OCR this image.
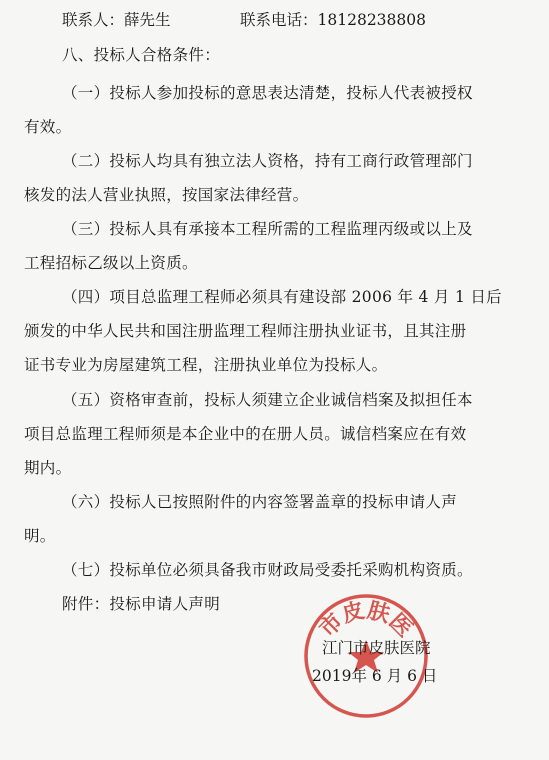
联系人：薛先生	联系电话：18128238808
八、投标人合格条件：
（一）投标人参加投标的意思表达清楚，投标人代表被授权
有效。
（二）投标人均具有独立法人资格，持有工商行政管理部门
核发的法人营业执照，按国家法律经营。
（三）投标人具有承接本工程所需的工程监理丙级或以上及
工程招标乙级以上资质。
（四）项目总监理工程师必须具有建设部 2006 年 4 月 1 日后
颁发的中华人民共和国注册监理工程师注册执业证书，且其注册
证书专业为房屋建筑工程，注册执业单位为投标人。
（五）资格审查前，投标人须建立企业诚信档案及拟担任本
项目总监理工程师须是本企业中的在册人员。诚信档案应在有效
期内。
（六）投标人已按照附件的内容签署盖章的投标申请人声
明。
（七）投标单位必须具备我市财政局受委托采购机构资质。
附件：投标申请人声明
市皮肤医
江门市皮肤医院
2019年 6 月 6 日
